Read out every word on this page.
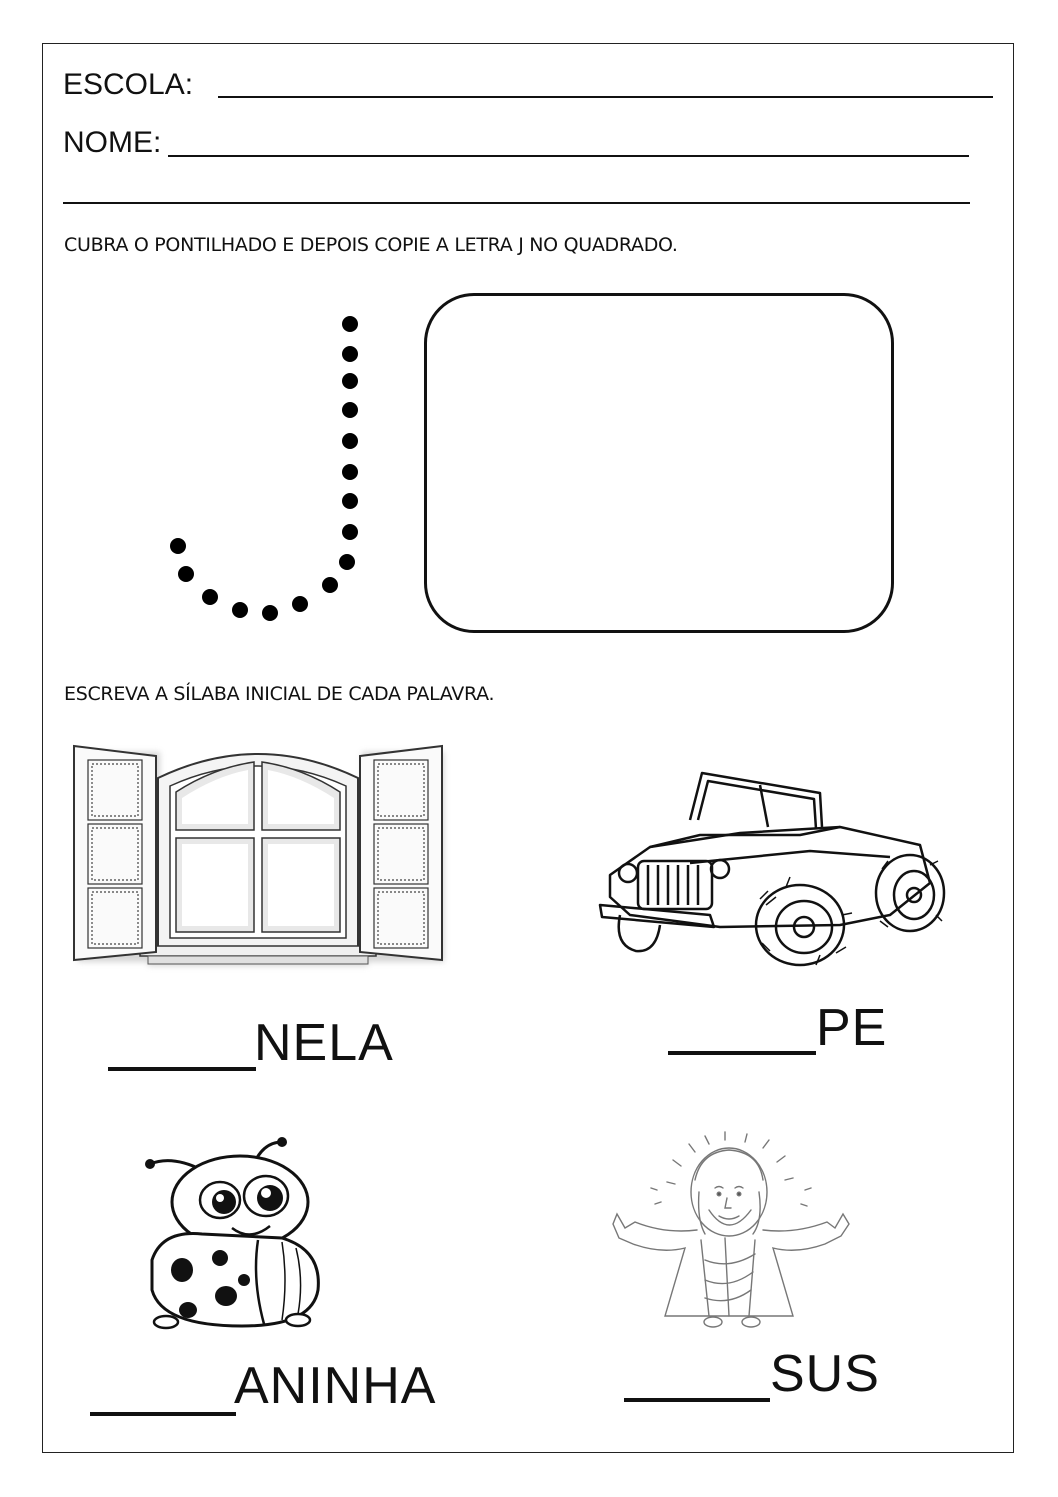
ESCOLA:
NOME:
CUBRA O PONTILHADO E DEPOIS COPIE A LETRA J NO QUADRADO.
ESCREVA A SÍLABA INICIAL DE CADA PALAVRA.
NELA	PE
ANINHA	SUS
